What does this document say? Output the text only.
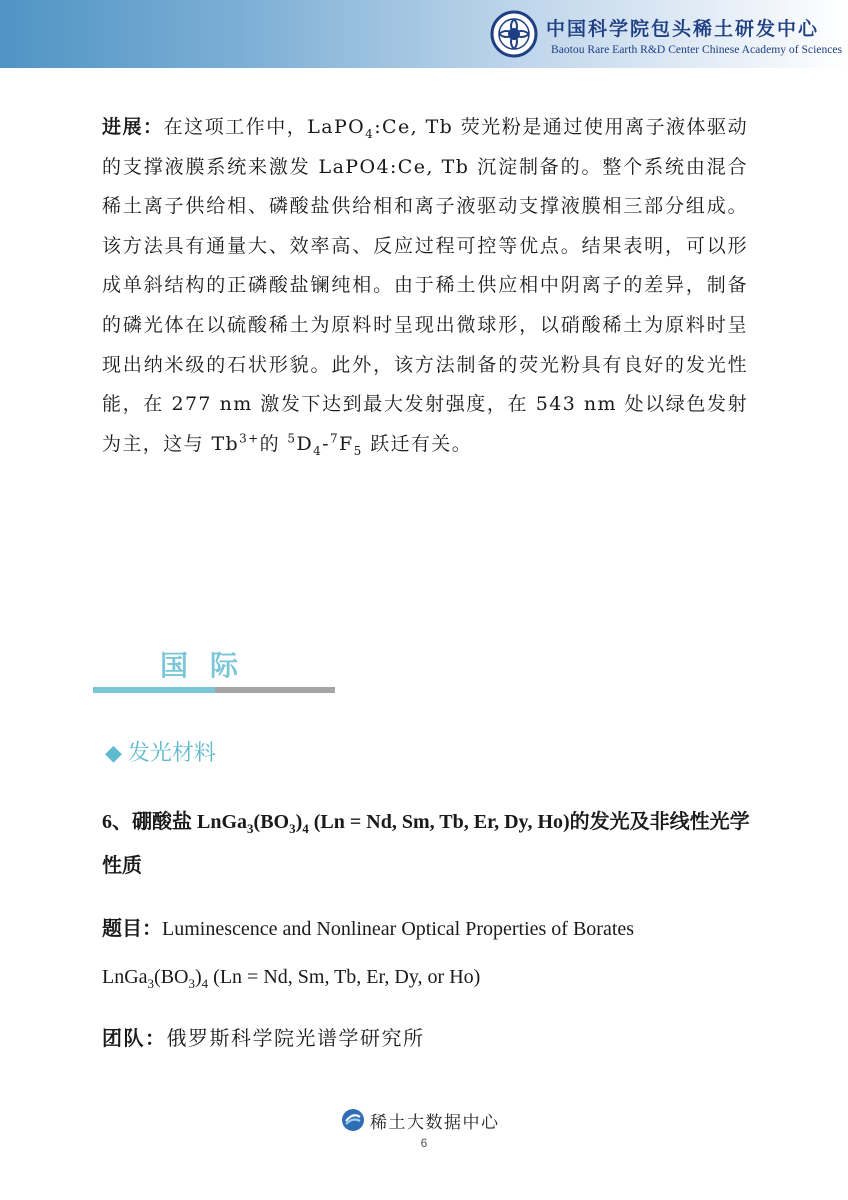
中国科学院包头稀土研发中心
Baotou Rare Earth R&D Center Chinese Academy of Sciences
进展：在这项工作中，LaPO$_4$:Ce, Tb 荧光粉是通过使用离子液体驱动的支撑液膜系统来激发 LaPO4:Ce, Tb 沉淀制备的。整个系统由混合稀土离子供给相、磷酸盐供给相和离子液驱动支撑液膜相三部分组成。该方法具有通量大、效率高、反应过程可控等优点。结果表明，可以形成单斜结构的正磷酸盐镧纯相。由于稀土供应相中阴离子的差异，制备的磷光体在以硫酸稀土为原料时呈现出微球形，以硝酸稀土为原料时呈现出纳米级的石状形貌。此外，该方法制备的荧光粉具有良好的发光性能，在 277 nm 激发下达到最大发射强度，在 543 nm 处以绿色发射为主，这与 $Tb^{3+}$的 $^5D_4-^7F_5$ 跃迁有关。
国际
◆ 发光材料
6、硼酸盐 $LnGa_3(BO_3)_4$ (Ln = Nd, Sm, Tb, Er, Dy, Ho)的发光及非线性光学性质
题目：Luminescence and Nonlinear Optical Properties of Borates
$LnGa_3(BO_3)_4$ (Ln = Nd, Sm, Tb, Er, Dy, or Ho)
团队：俄罗斯科学院光谱学研究所
稀土大数据中心
6
